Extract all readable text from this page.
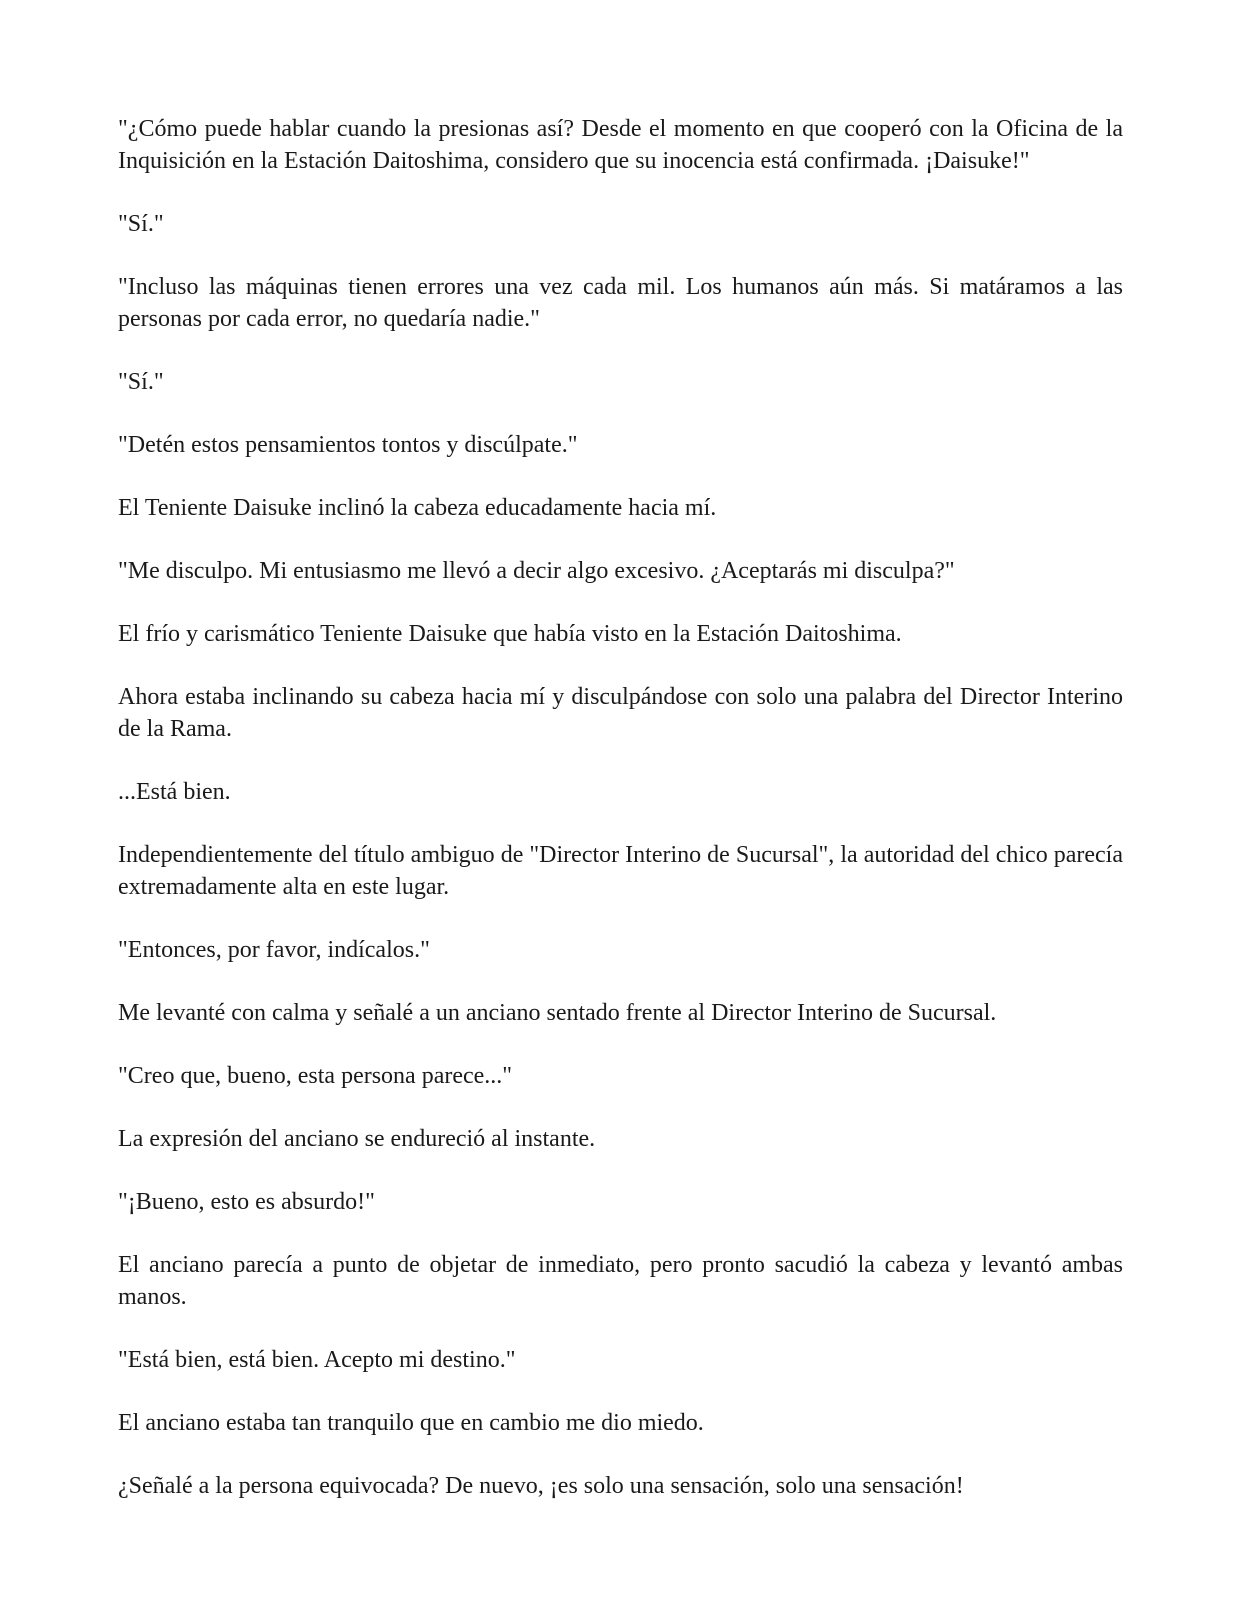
"¿Cómo puede hablar cuando la presionas así? Desde el momento en que cooperó con la Oficina de la Inquisición en la Estación Daitoshima, considero que su inocencia está confirmada. ¡Daisuke!"

"Sí."

"Incluso las máquinas tienen errores una vez cada mil. Los humanos aún más. Si matáramos a las personas por cada error, no quedaría nadie."

"Sí."

"Detén estos pensamientos tontos y discúlpate."

El Teniente Daisuke inclinó la cabeza educadamente hacia mí.

"Me disculpo. Mi entusiasmo me llevó a decir algo excesivo. ¿Aceptarás mi disculpa?"

El frío y carismático Teniente Daisuke que había visto en la Estación Daitoshima.

Ahora estaba inclinando su cabeza hacia mí y disculpándose con solo una palabra del Director Interino de la Rama.

...Está bien.

Independientemente del título ambiguo de "Director Interino de Sucursal", la autoridad del chico parecía extremadamente alta en este lugar.

"Entonces, por favor, indícalos."

Me levanté con calma y señalé a un anciano sentado frente al Director Interino de Sucursal.

"Creo que, bueno, esta persona parece..."

La expresión del anciano se endureció al instante.

"¡Bueno, esto es absurdo!"

El anciano parecía a punto de objetar de inmediato, pero pronto sacudió la cabeza y levantó ambas manos.

"Está bien, está bien. Acepto mi destino."

El anciano estaba tan tranquilo que en cambio me dio miedo.

¿Señalé a la persona equivocada? De nuevo, ¡es solo una sensación, solo una sensación!
